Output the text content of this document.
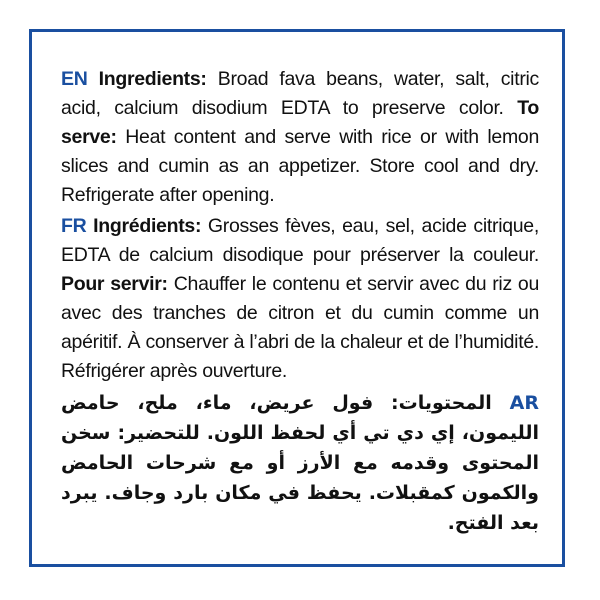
EN Ingredients: Broad fava beans, water, salt, citric acid, calcium disodium EDTA to preserve color. To serve: Heat content and serve with rice or with lemon slices and cumin as an appetizer. Store cool and dry. Refrigerate after opening.
FR Ingrédients: Grosses fèves, eau, sel, acide citrique, EDTA de calcium disodique pour préserver la couleur. Pour servir: Chauffer le contenu et servir avec du riz ou avec des tranches de citron et du cumin comme un apéritif. À conserver à l’abri de la chaleur et de l’humidité. Réfrigérer après ouverture.
AR المحتويات: فول عريض، ماء، ملح، حامض الليمون، إي دي تي أي لحفظ اللون. للتحضير: سخن المحتوى وقدمه مع الأرز أو مع شرحات الحامض والكمون كمقبلات. يحفظ في مكان بارد وجاف. يبرد بعد الفتح.
